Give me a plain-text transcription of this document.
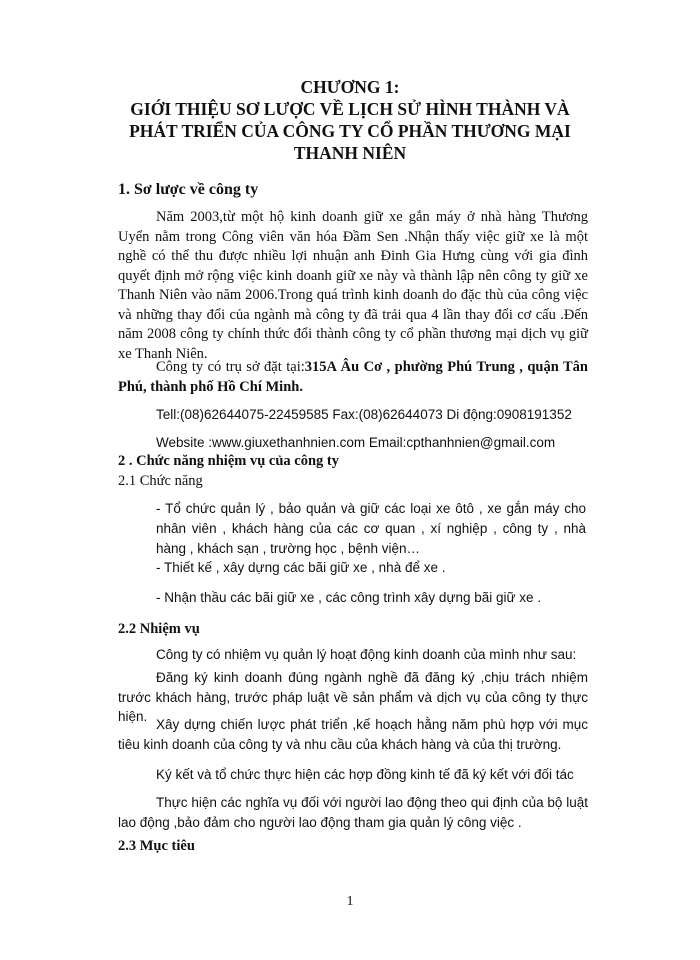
CHƯƠNG 1:

GIỚI THIỆU SƠ LƯỢC VỀ LỊCH SỬ HÌNH THÀNH VÀ

PHÁT TRIỂN CỦA CÔNG TY CỔ PHẦN THƯƠNG MẠI

THANH NIÊN

1. Sơ lược về công ty

Năm 2003,từ một hộ kinh doanh giữ xe gắn máy ở nhà hàng Thương Uyển nằm trong Công viên văn hóa Đầm Sen .Nhận thấy việc giữ xe là một nghề có thể thu được nhiều lợi nhuận anh Đinh Gia Hưng cùng với gia đình quyết định mở rộng việc kinh doanh giữ xe này và thành lập nên công ty giữ xe Thanh Niên vào năm 2006.Trong quá trình kinh doanh do đặc thù của công việc và những thay đổi của ngành mà công ty đã trải qua 4 lần thay đổi cơ cấu .Đến năm 2008 công ty chính thức đổi thành công ty cổ phần thương mại dịch vụ giữ xe Thanh Niên.

Công ty có trụ sở đặt tại:315A Âu Cơ , phường Phú Trung , quận Tân Phú, thành phố Hồ Chí Minh.

Tell:(08)62644075-22459585 Fax:(08)62644073 Di động:0908191352

Website :www.giuxethanhnien.com Email:cpthanhnien@gmail.com

2 . Chức năng nhiệm vụ của công ty

2.1 Chức năng

- Tổ chức quản lý , bảo quản và giữ các loại xe ôtô , xe gắn máy cho nhân viên , khách hàng của các cơ quan , xí nghiệp , công ty , nhà hàng , khách sạn , trường học , bệnh viện…

- Thiết kế , xây dựng các bãi giữ xe , nhà để xe .

- Nhận thầu các bãi giữ xe , các công trình xây dựng bãi giữ xe .

2.2 Nhiệm vụ

Công ty có nhiệm vụ quản lý hoạt động kinh doanh của mình như sau:

Đăng ký kinh doanh đúng ngành nghề đã đăng ký ,chịu trách nhiệm trước khách hàng, trước pháp luật về sản phẩm và dịch vụ của công ty thực hiện.

Xây dựng chiến lược phát triển ,kế hoạch hằng năm phù hợp với mục tiêu kinh doanh của công ty và nhu cầu của khách hàng và của thị trường.

Ký kết và tổ chức thực hiện các hợp đồng kinh tế đã ký kết với đối tác

Thực hiện các nghĩa vụ đối với người lao động theo qui định của bộ luật lao động ,bảo đảm cho người lao động tham gia quản lý công việc .

2.3 Mục tiêu

1
